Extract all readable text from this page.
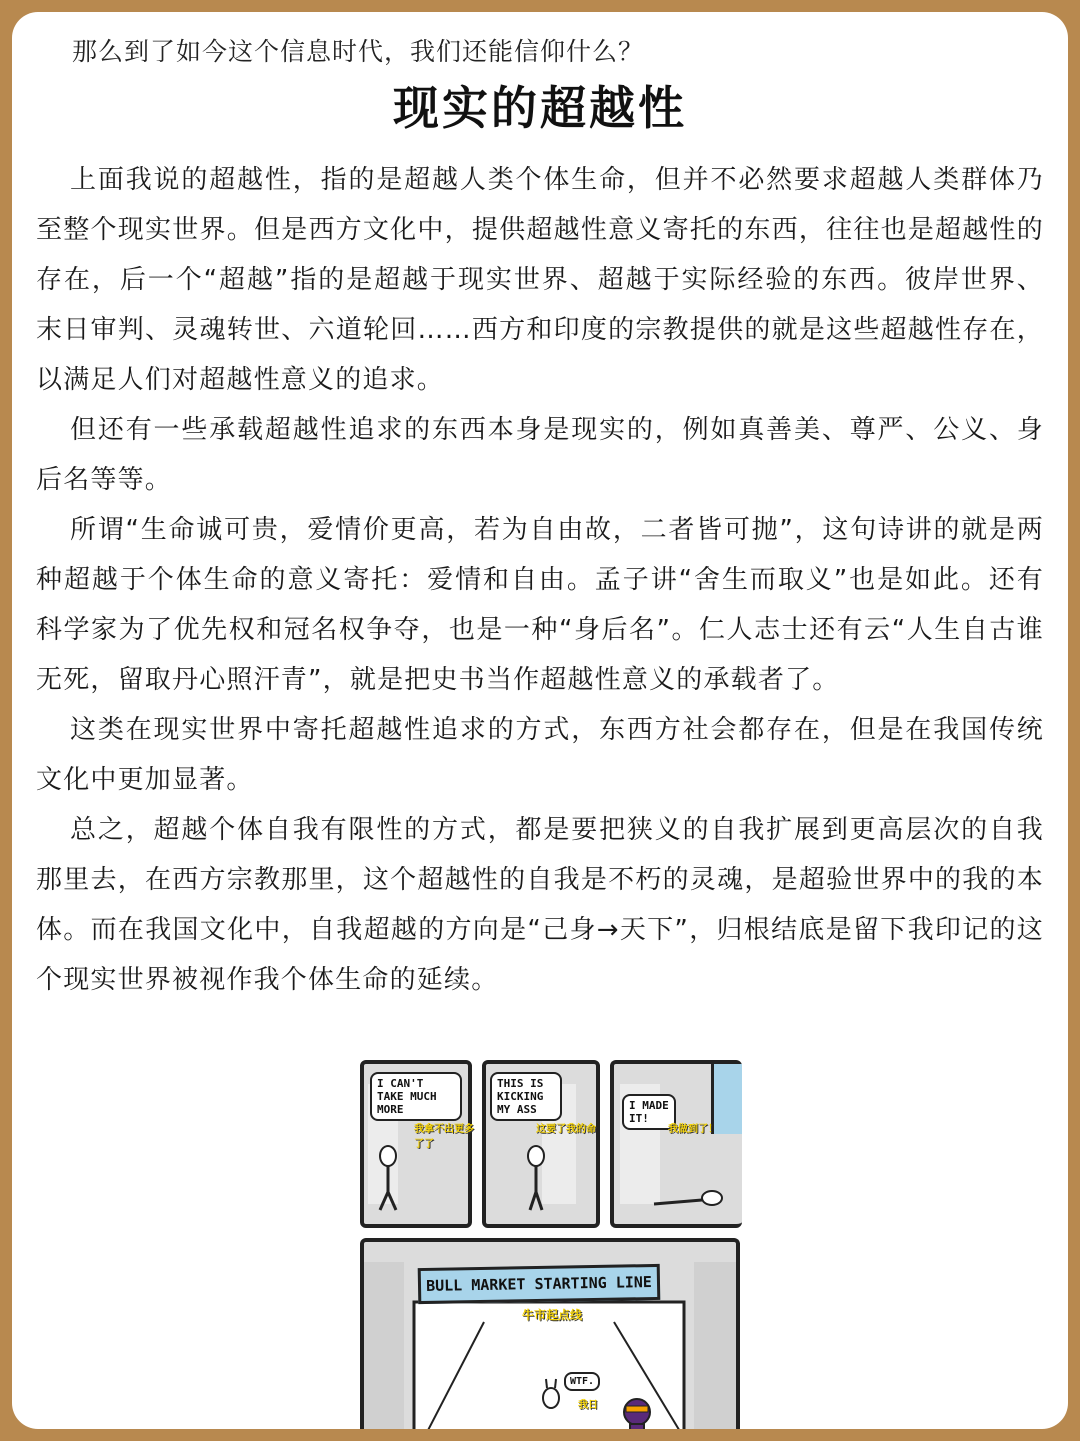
那么到了如今这个信息时代，我们还能信仰什么？
现实的超越性

上面我说的超越性，指的是超越人类个体生命，但并不必然要求超越人类群体乃至整个现实世界。但是西方文化中，提供超越性意义寄托的东西，往往也是超越性的存在，后一个“超越”指的是超越于现实世界、超越于实际经验的东西。彼岸世界、末日审判、灵魂转世、六道轮回……西方和印度的宗教提供的就是这些超越性存在，以满足人们对超越性意义的追求。

但还有一些承载超越性追求的东西本身是现实的，例如真善美、尊严、公义、身后名等等。

所谓“生命诚可贵，爱情价更高，若为自由故，二者皆可抛”，这句诗讲的就是两种超越于个体生命的意义寄托：爱情和自由。孟子讲“舍生而取义”也是如此。还有科学家为了优先权和冠名权争夺，也是一种“身后名”。仁人志士还有云“人生自古谁无死，留取丹心照汗青”，就是把史书当作超越性意义的承载者了。

这类在现实世界中寄托超越性追求的方式，东西方社会都存在，但是在我国传统文化中更加显著。

总之，超越个体自我有限性的方式，都是要把狭义的自我扩展到更高层次的自我那里去，在西方宗教那里，这个超越性的自我是不朽的灵魂，是超验世界中的我的本体。而在我国文化中，自我超越的方向是“己身→天下”，归根结底是留下我印记的这个现实世界被视作我个体生命的延续。

I CAN'T TAKE MUCH MORE
我拿不出更多了了
THIS IS KICKING MY ASS
这要了我的命
I MADE IT!
我做到了！
BULL MARKET STARTING LINE
牛市起点线
WTF.
我日
